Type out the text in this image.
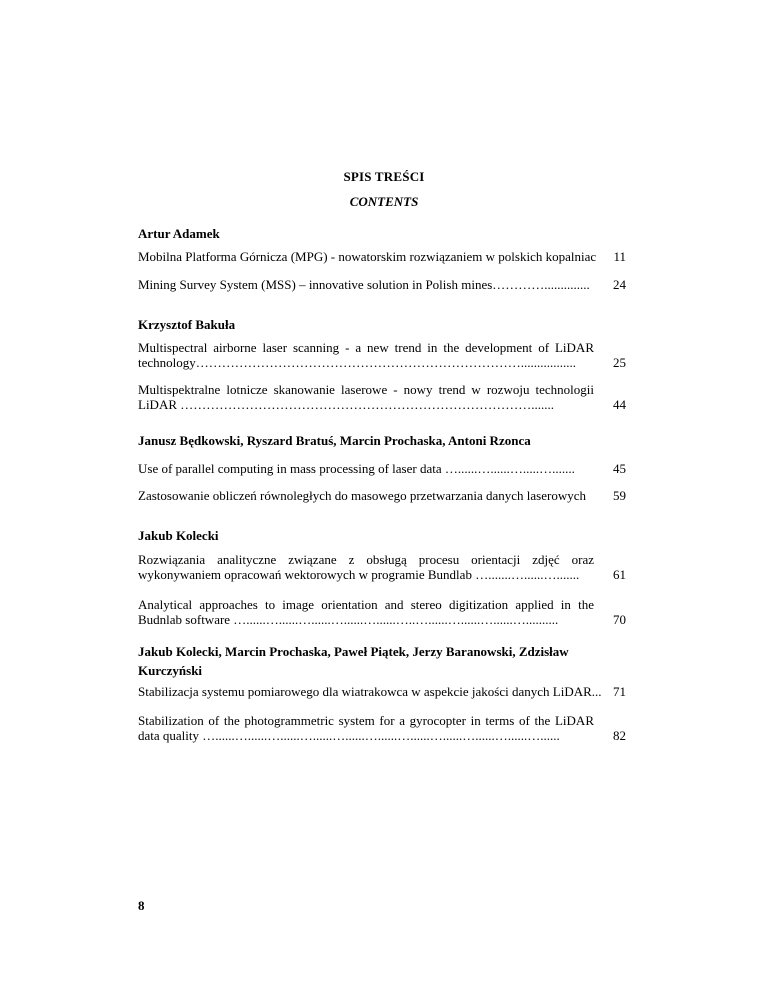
SPIS TREŚCI
CONTENTS
Artur Adamek
Mobilna Platforma Górnicza (MPG) - nowatorskim rozwiązaniem w polskich kopalniac	11
Mining Survey System (MSS) – innovative solution in Polish mines…………..............	24
Krzysztof Bakuła
Multispectral airborne laser scanning - a new trend in the development of LiDAR technology………………………………………………………………….................	25
Multispektralne lotnicze skanowanie laserowe - nowy trend w rozwoju technologii LiDAR ……………………………………………………………………….......	44
Janusz Będkowski, Ryszard Bratuś, Marcin Prochaska, Antoni Rzonca
Use of parallel computing in mass processing of laser data …......…......….....….......	45
Zastosowanie obliczeń równoległych do masowego przetwarzania danych laserowych	59
Jakub Kolecki
Rozwiązania analityczne związane z obsługą procesu orientacji zdjęć oraz wykonywaniem opracowań wektorowych w programie Bundlab ….......…......….......	61
Analytical approaches to image orientation and stereo digitization applied in the Budnlab software …......…......…......…......…......…..…......…......…......…..........	70
Jakub Kolecki, Marcin Prochaska, Paweł Piątek, Jerzy Baranowski, Zdzisław Kurczyński
Stabilizacja systemu pomiarowego dla wiatrakowca w aspekcie jakości danych LiDAR... 71
Stabilization of the photogrammetric system for a gyrocopter in terms of the LiDAR data quality …......…......…......…......…......…......…......…......…......…......…......	82
8
